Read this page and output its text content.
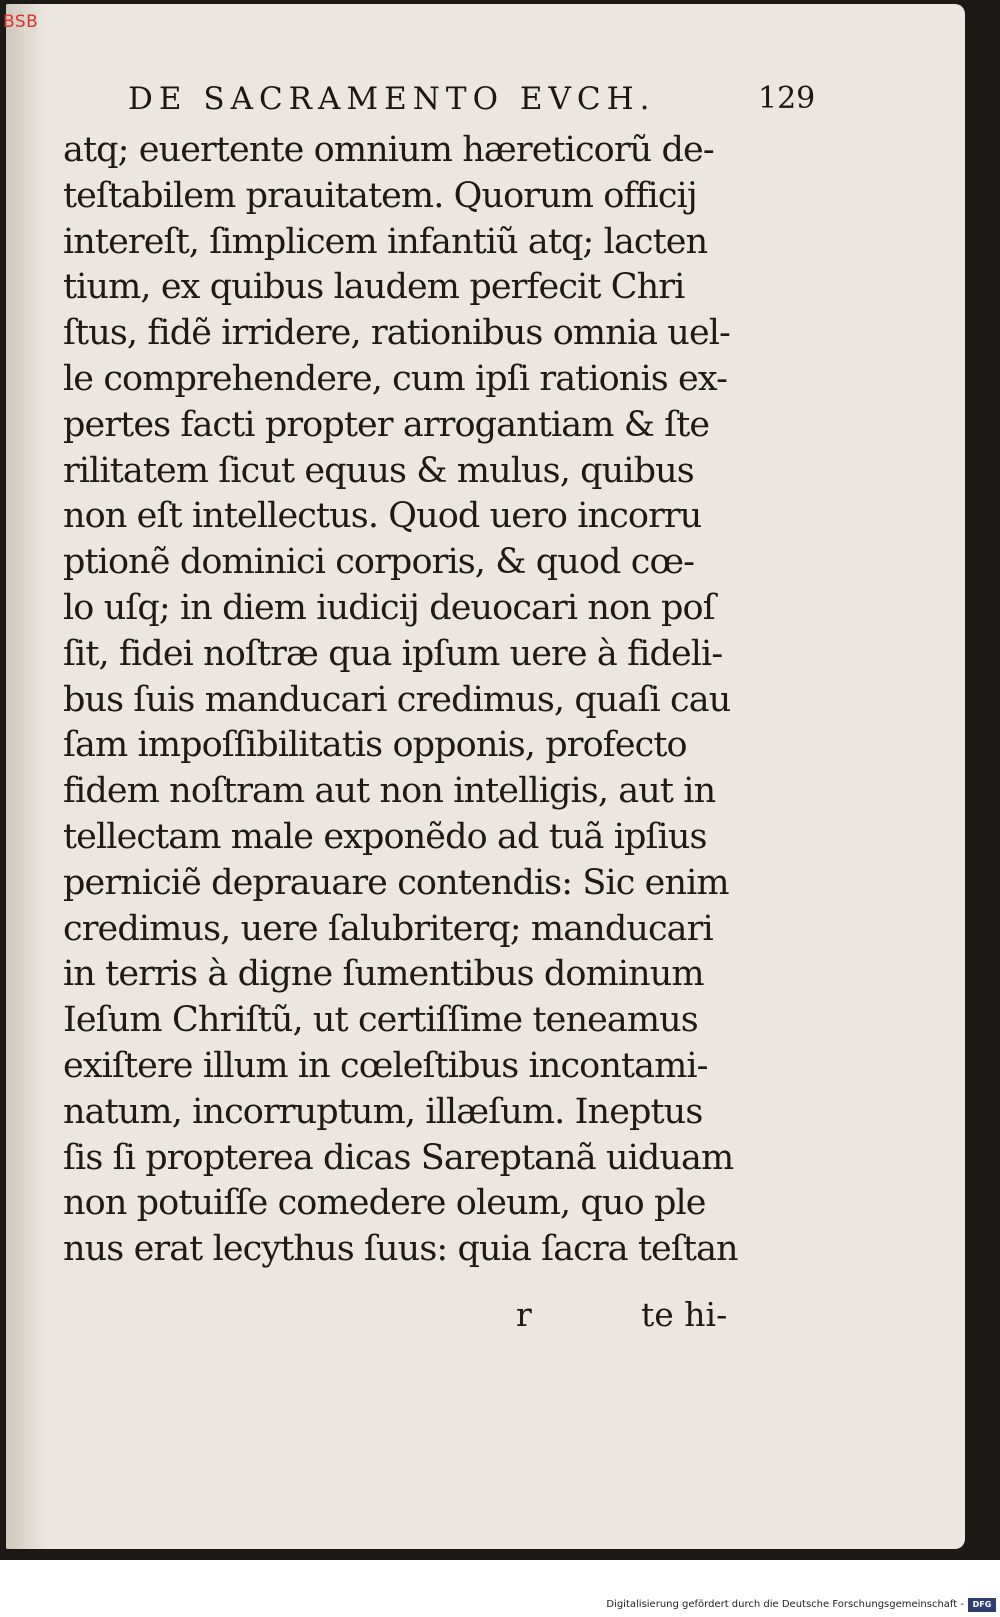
DE SACRAMENTO EVCH.	129
atq; euertente omnium hæreticorũ de-
teſtabilem prauitatem. Quorum officij
intereſt, ſimplicem infantiũ atq; lacten
tium, ex quibus laudem perfecit Chri
ſtus, fidẽ irridere, rationibus omnia uel-
le comprehendere, cum ipſi rationis ex-
pertes facti propter arrogantiam & ſte
rilitatem ſicut equus & mulus, quibus
non eſt intellectus. Quod uero incorru
ptionẽ dominici corporis, & quod cœ-
lo uſq; in diem iudicij deuocari non poſ
ſit, fidei noſtræ qua ipſum uere à fideli-
bus ſuis manducari credimus, quaſi cau
ſam impoſſibilitatis opponis, profecto
fidem noſtram aut non intelligis, aut in
tellectam male exponẽdo ad tuã ipſius
perniciẽ deprauare contendis: Sic enim
credimus, uere ſalubriterq; manducari
in terris à digne ſumentibus dominum
Ieſum Chriſtũ, ut certiſſime teneamus
exiſtere illum in cœleſtibus incontami-
natum, incorruptum, illæſum. Ineptus
ſis ſi propterea dicas Sareptanã uiduam
non potuiſſe comedere oleum, quo ple
nus erat lecythus ſuus: quia ſacra teſtan
r	te hi-
BSB
Digitalisierung gefördert durch die Deutsche Forschungsgemeinschaft -	DFG
